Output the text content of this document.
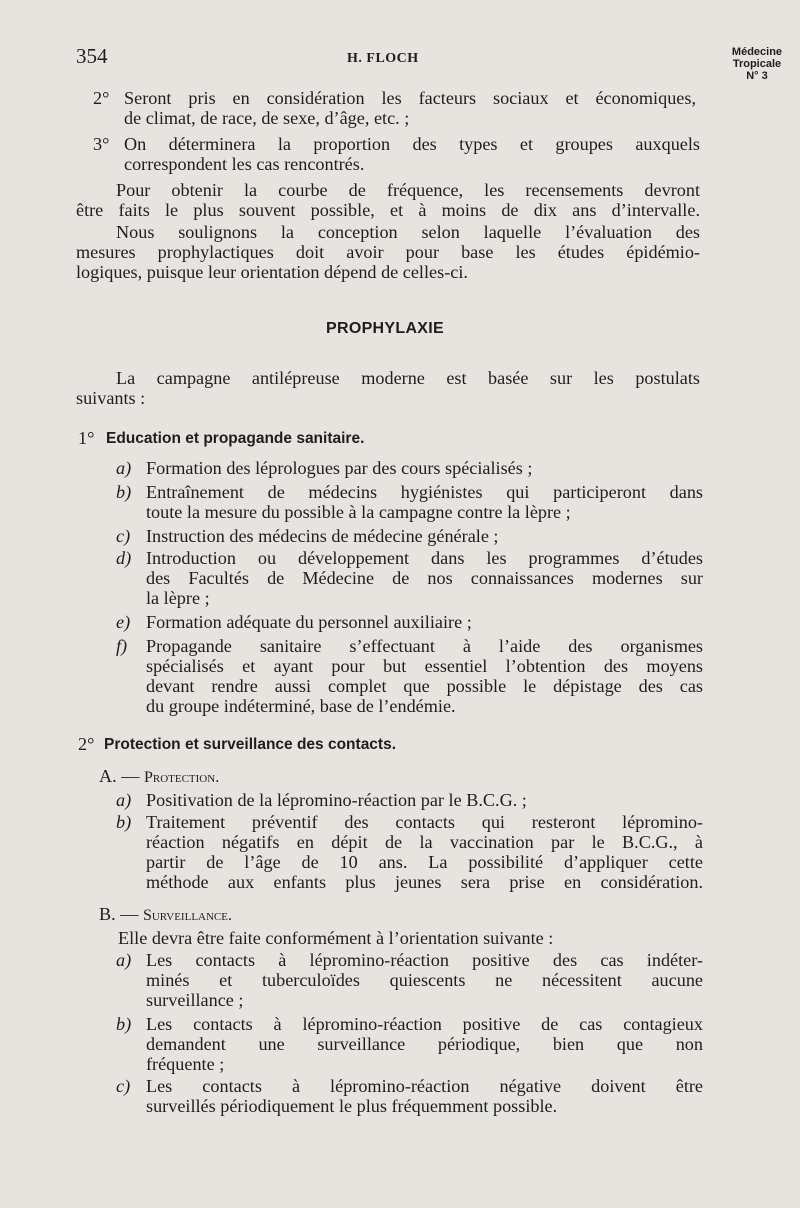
354	H. FLOCH	Médecine
Tropicale
N° 3
2° Seront pris en considération les facteurs sociaux et économiques,
de climat, de race, de sexe, d’âge, etc. ;
3° On déterminera la proportion des types et groupes auxquels
correspondent les cas rencontrés.
Pour obtenir la courbe de fréquence, les recensements devront
être faits le plus souvent possible, et à moins de dix ans d’intervalle.
Nous soulignons la conception selon laquelle l’évaluation des
mesures prophylactiques doit avoir pour base les études épidémio-
logiques, puisque leur orientation dépend de celles-ci.
PROPHYLAXIE
La campagne antilépreuse moderne est basée sur les postulats
suivants :
1° Education et propagande sanitaire.
a) Formation des léprologues par des cours spécialisés ;
b) Entraînement de médecins hygiénistes qui participeront dans
toute la mesure du possible à la campagne contre la lèpre ;
c) Instruction des médecins de médecine générale ;
d) Introduction ou développement dans les programmes d’études
des Facultés de Médecine de nos connaissances modernes sur
la lèpre ;
e) Formation adéquate du personnel auxiliaire ;
f) Propagande sanitaire s’effectuant à l’aide des organismes
spécialisés et ayant pour but essentiel l’obtention des moyens
devant rendre aussi complet que possible le dépistage des cas
du groupe indéterminé, base de l’endémie.
2° Protection et surveillance des contacts.
A. — Protection.
a) Positivation de la lépromino-réaction par le B.C.G. ;
b) Traitement préventif des contacts qui resteront lépromino-
réaction négatifs en dépit de la vaccination par le B.C.G., à
partir de l’âge de 10 ans. La possibilité d’appliquer cette
méthode aux enfants plus jeunes sera prise en considération.
B. — Surveillance.
Elle devra être faite conformément à l’orientation suivante :
a) Les contacts à lépromino-réaction positive des cas indéter-
minés et tuberculoïdes quiescents ne nécessitent aucune
surveillance ;
b) Les contacts à lépromino-réaction positive de cas contagieux
demandent une surveillance périodique, bien que non
fréquente ;
c) Les contacts à lépromino-réaction négative doivent être
surveillés périodiquement le plus fréquemment possible.
